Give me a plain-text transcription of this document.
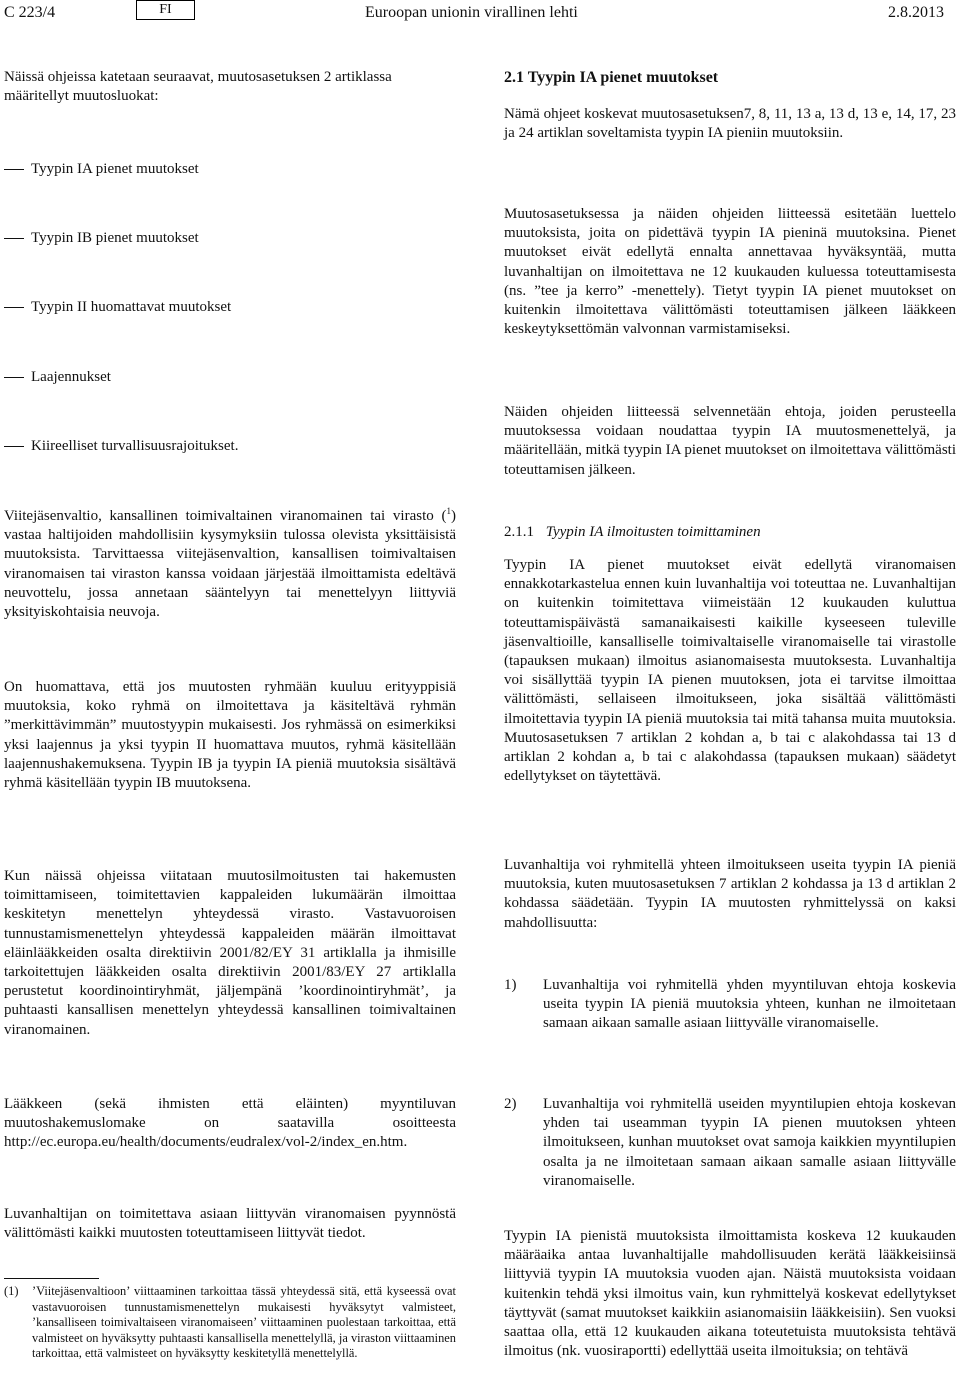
C 223/4	FI	Euroopan unionin virallinen lehti	2.8.2013

Näissä ohjeissa katetaan seuraavat, muutosasetuksen 2 artiklassa määritellyt muutosluokat:

Tyypin IA pienet muutokset
Tyypin IB pienet muutokset
Tyypin II huomattavat muutokset
Laajennukset
Kiireelliset turvallisuusrajoitukset.

Viitejäsenvaltio, kansallinen toimivaltainen viranomainen tai virasto ($^1$) vastaa haltijoiden mahdollisiin kysymyksiin tulossa olevista yksittäisistä muutoksista. Tarvittaessa viitejäsenvaltion, kansallisen toimivaltaisen viranomaisen tai viraston kanssa voidaan järjestää ilmoittamista edeltävä neuvottelu, jossa annetaan sääntelyyn tai menettelyyn liittyviä yksityiskohtaisia neuvoja.

On huomattava, että jos muutosten ryhmään kuuluu erityyppisiä muutoksia, koko ryhmä on ilmoitettava ja käsiteltävä ryhmän ”merkittävimmän” muutostyypin mukaisesti. Jos ryhmässä on esimerkiksi yksi laajennus ja yksi tyypin II huomattava muutos, ryhmä käsitellään laajennushakemuksena. Tyypin IB ja tyypin IA pieniä muutoksia sisältävä ryhmä käsitellään tyypin IB muutoksena.
Kun näissä ohjeissa viitataan muutosilmoitusten tai hakemusten toimittamiseen, toimitettavien kappaleiden lukumäärän ilmoittaa keskitetyn menettelyn yhteydessä virasto. Vastavuoroisen tunnustamismenettelyn yhteydessä kappaleiden määrän ilmoittavat eläinlääkkeiden osalta direktiivin 2001/82/EY 31 artiklalla ja ihmisille tarkoitettujen lääkkeiden osalta direktiivin 2001/83/EY 27 artiklalla perustetut koordinointiryhmät, jäljempänä ’koordinointiryhmät’, ja puhtaasti kansallisen menettelyn yhteydessä kansallinen toimivaltainen viranomainen.
Lääkkeen (sekä ihmisten että eläinten) myyntiluvan muutoshakemuslomake on saatavilla osoitteesta http://ec.europa.eu/health/documents/eudralex/vol-2/index_en.htm.
Luvanhaltijan on toimitettava asiaan liittyvän viranomaisen pyynnöstä välittömästi kaikki muutosten toteuttamiseen liittyvät tiedot.
(1)	’Viitejäsenvaltioon’ viittaaminen tarkoittaa tässä yhteydessä sitä, että kyseessä ovat vastavuoroisen tunnustamismenettelyn mukaisesti hyväksytyt valmisteet, ’kansalliseen toimivaltaiseen viranomaiseen’ viittaaminen puolestaan tarkoittaa, että valmisteet on hyväksytty puhtaasti kansallisella menettelyllä, ja viraston viittaaminen tarkoittaa, että valmisteet on hyväksytty keskitetyllä menettelyllä.
2.1 Tyypin IA pienet muutokset
Nämä ohjeet koskevat muutosasetuksen7, 8, 11, 13 a, 13 d, 13 e, 14, 17, 23 ja 24 artiklan soveltamista tyypin IA pieniin muutoksiin.
Muutosasetuksessa ja näiden ohjeiden liitteessä esitetään luettelo muutoksista, joita on pidettävä tyypin IA pieninä muutoksina. Pienet muutokset eivät edellytä ennalta annettavaa hyväksyntää, mutta luvanhaltijan on ilmoitettava ne 12 kuukauden kuluessa toteuttamisesta (ns. ”tee ja kerro” -menettely). Tietyt tyypin IA pienet muutokset on kuitenkin ilmoitettava välittömästi toteuttamisen jälkeen lääkkeen keskeytyksettömän valvonnan varmistamiseksi.
Näiden ohjeiden liitteessä selvennetään ehtoja, joiden perusteella muutoksessa voidaan noudattaa tyypin IA muutosmenettelyä, ja määritellään, mitkä tyypin IA pienet muutokset on ilmoitettava välittömästi toteuttamisen jälkeen.
2.1.1 Tyypin IA ilmoitusten toimittaminen
Tyypin IA pienet muutokset eivät edellytä viranomaisen ennakkotarkastelua ennen kuin luvanhaltija voi toteuttaa ne. Luvanhaltijan on kuitenkin toimitettava viimeistään 12 kuukauden kuluttua toteuttamispäivästä samanaikaisesti kaikille kyseeseen tuleville jäsenvaltioille, kansalliselle toimivaltaiselle viranomaiselle tai virastolle (tapauksen mukaan) ilmoitus asianomaisesta muutoksesta. Luvanhaltija voi sisällyttää tyypin IA pienen muutoksen, jota ei tarvitse ilmoittaa välittömästi, sellaiseen ilmoitukseen, joka sisältää välittömästi ilmoitettavia tyypin IA pieniä muutoksia tai mitä tahansa muita muutoksia. Muutosasetuksen 7 artiklan 2 kohdan a, b tai c alakohdassa tai 13 d artiklan 2 kohdan a, b tai c alakohdassa (tapauksen mukaan) säädetyt edellytykset on täytettävä.
Luvanhaltija voi ryhmitellä yhteen ilmoitukseen useita tyypin IA pieniä muutoksia, kuten muutosasetuksen 7 artiklan 2 kohdassa ja 13 d artiklan 2 kohdassa säädetään. Tyypin IA muutosten ryhmittelyssä on kaksi mahdollisuutta:
1) Luvanhaltija voi ryhmitellä yhden myyntiluvan ehtoja koskevia useita tyypin IA pieniä muutoksia yhteen, kunhan ne ilmoitetaan samaan aikaan samalle asiaan liittyvälle viranomaiselle.
2) Luvanhaltija voi ryhmitellä useiden myyntilupien ehtoja koskevan yhden tai useamman tyypin IA pienen muutoksen yhteen ilmoitukseen, kunhan muutokset ovat samoja kaikkien myyntilupien osalta ja ne ilmoitetaan samaan aikaan samalle asiaan liittyvälle viranomaiselle.
Tyypin IA pienistä muutoksista ilmoittamista koskeva 12 kuukauden määräaika antaa luvanhaltijalle mahdollisuuden kerätä lääkkeisiinsä liittyviä tyypin IA muutoksia vuoden ajan. Näistä muutoksista voidaan kuitenkin tehdä yksi ilmoitus vain, kun ryhmittelyä koskevat edellytykset täyttyvät (samat muutokset kaikkiin asianomaisiin lääkkeisiin). Sen vuoksi saattaa olla, että 12 kuukauden aikana toteutetuista muutoksista tehtävä ilmoitus (nk. vuosiraportti) edellyttää useita ilmoituksia; on tehtävä
